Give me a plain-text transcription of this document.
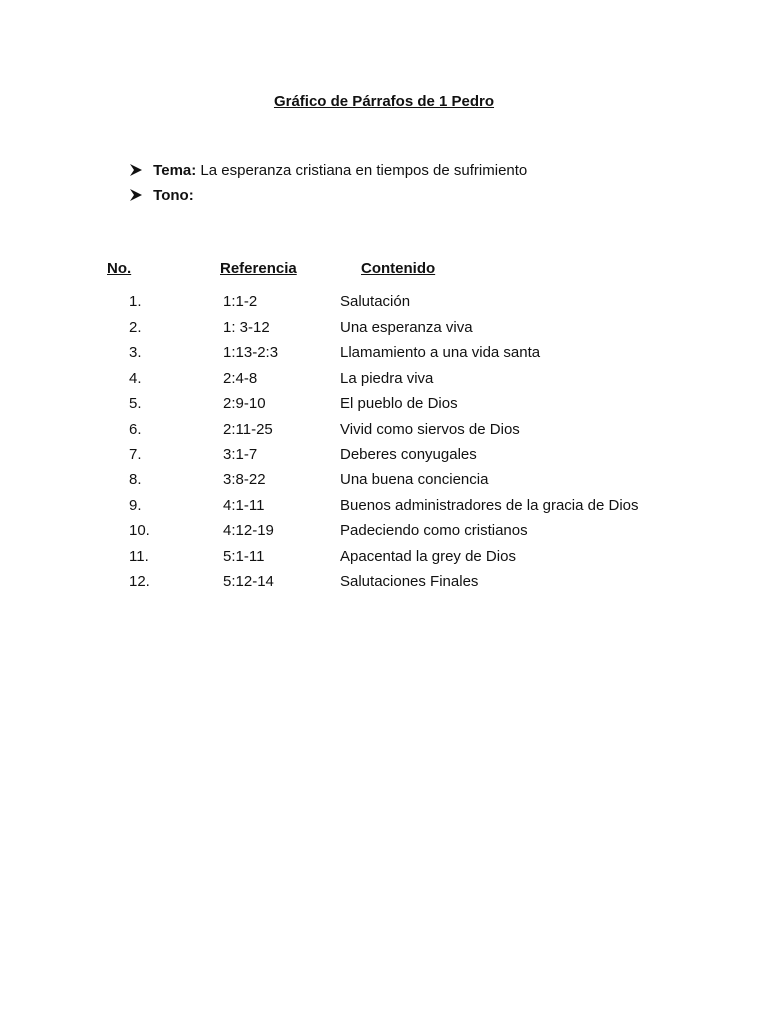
Gráfico de Párrafos de 1 Pedro
Tema: La esperanza cristiana en tiempos de sufrimiento
Tono:
No.	Referencia	Contenido
1.	1:1-2	Salutación
2.	1: 3-12	Una esperanza viva
3.	1:13-2:3	Llamamiento a una vida santa
4.	2:4-8	La piedra viva
5.	2:9-10	El pueblo de Dios
6.	2:11-25	Vivid como siervos de Dios
7.	3:1-7	Deberes conyugales
8.	3:8-22	Una buena conciencia
9.	4:1-11	Buenos administradores de la gracia de Dios
10.	4:12-19	Padeciendo como cristianos
11.	5:1-11	Apacentad la grey de Dios
12.	5:12-14	Salutaciones Finales
